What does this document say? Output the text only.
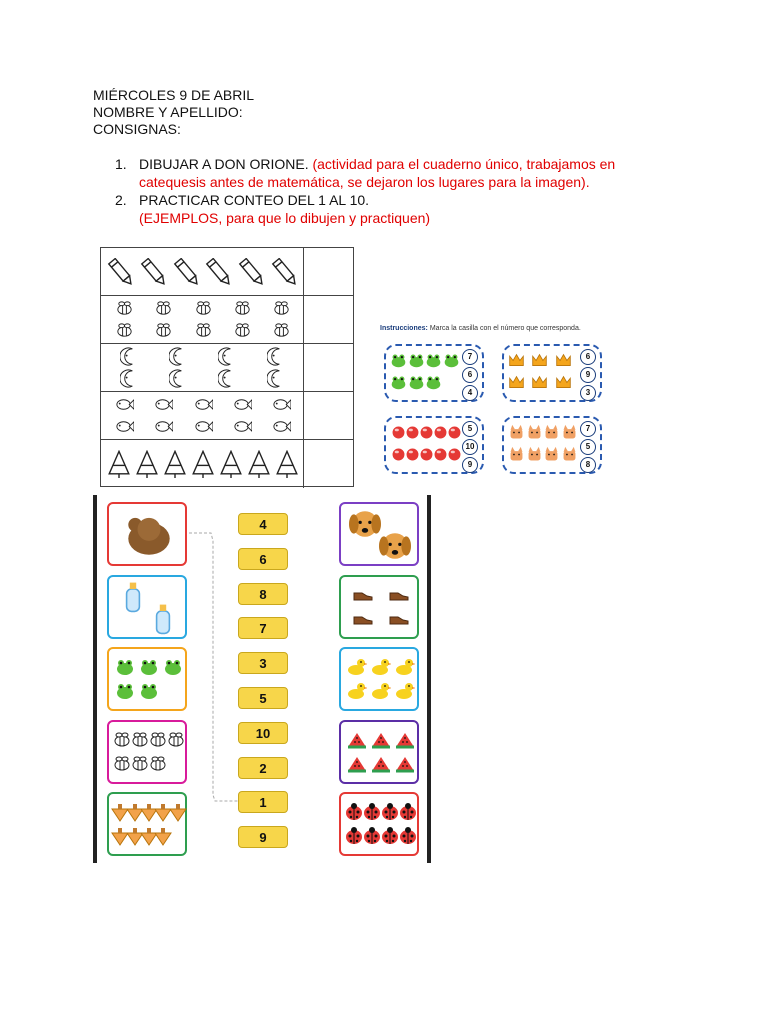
MIÉRCOLES 9 DE ABRIL
NOMBRE Y APELLIDO:
CONSIGNAS:
1. DIBUJAR A DON ORIONE. (actividad para el cuaderno único, trabajamos en catequesis antes de matemática, se dejaron los lugares para la imagen).
2. PRACTICAR CONTEO DEL 1 AL 10.
(EJEMPLOS, para que lo dibujen y practiquen)
Instrucciones: Marca la casilla con el número que corresponda.
7
6
4
6
9
3
5
10
9
7
5
8
4
6
8
7
3
5
10
2
1
9
